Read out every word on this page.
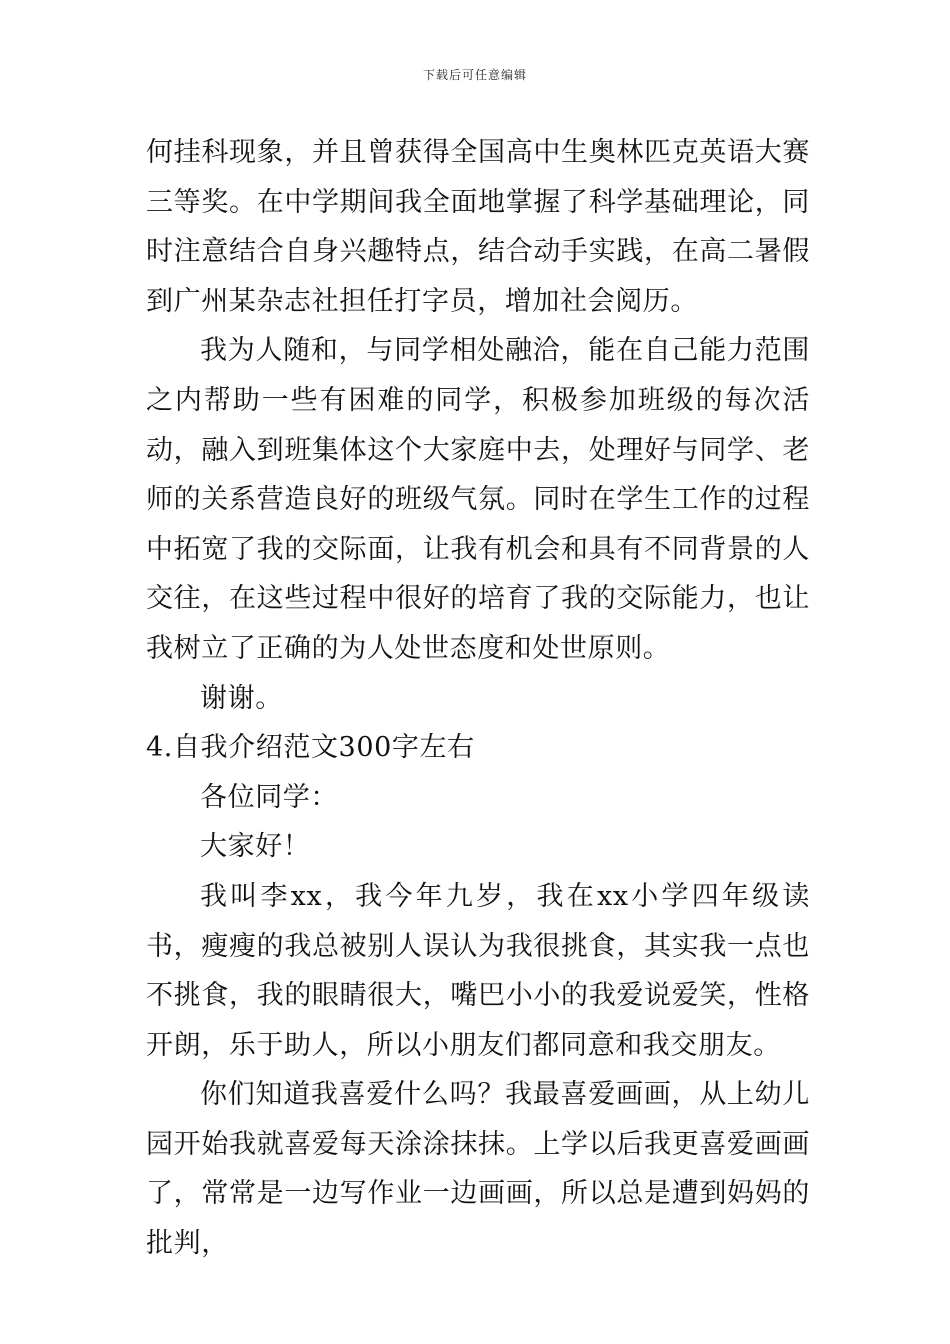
下载后可任意编辑

何挂科现象，并且曾获得全国高中生奥林匹克英语大赛三等奖。在中学期间我全面地掌握了科学基础理论，同时注意结合自身兴趣特点，结合动手实践，在高二暑假到广州某杂志社担任打字员，增加社会阅历。

我为人随和，与同学相处融洽，能在自己能力范围之内帮助一些有困难的同学，积极参加班级的每次活动，融入到班集体这个大家庭中去，处理好与同学、老师的关系营造良好的班级气氛。同时在学生工作的过程中拓宽了我的交际面，让我有机会和具有不同背景的人交往，在这些过程中很好的培育了我的交际能力，也让我树立了正确的为人处世态度和处世原则。

谢谢。

4.自我介绍范文300字左右

各位同学：

大家好！

我叫李xx，我今年九岁，我在xx小学四年级读书，瘦瘦的我总被别人误认为我很挑食，其实我一点也不挑食，我的眼睛很大，嘴巴小小的我爱说爱笑，性格开朗，乐于助人，所以小朋友们都同意和我交朋友。

你们知道我喜爱什么吗？我最喜爱画画，从上幼儿园开始我就喜爱每天涂涂抹抹。上学以后我更喜爱画画了，常常是一边写作业一边画画，所以总是遭到妈妈的批判，
